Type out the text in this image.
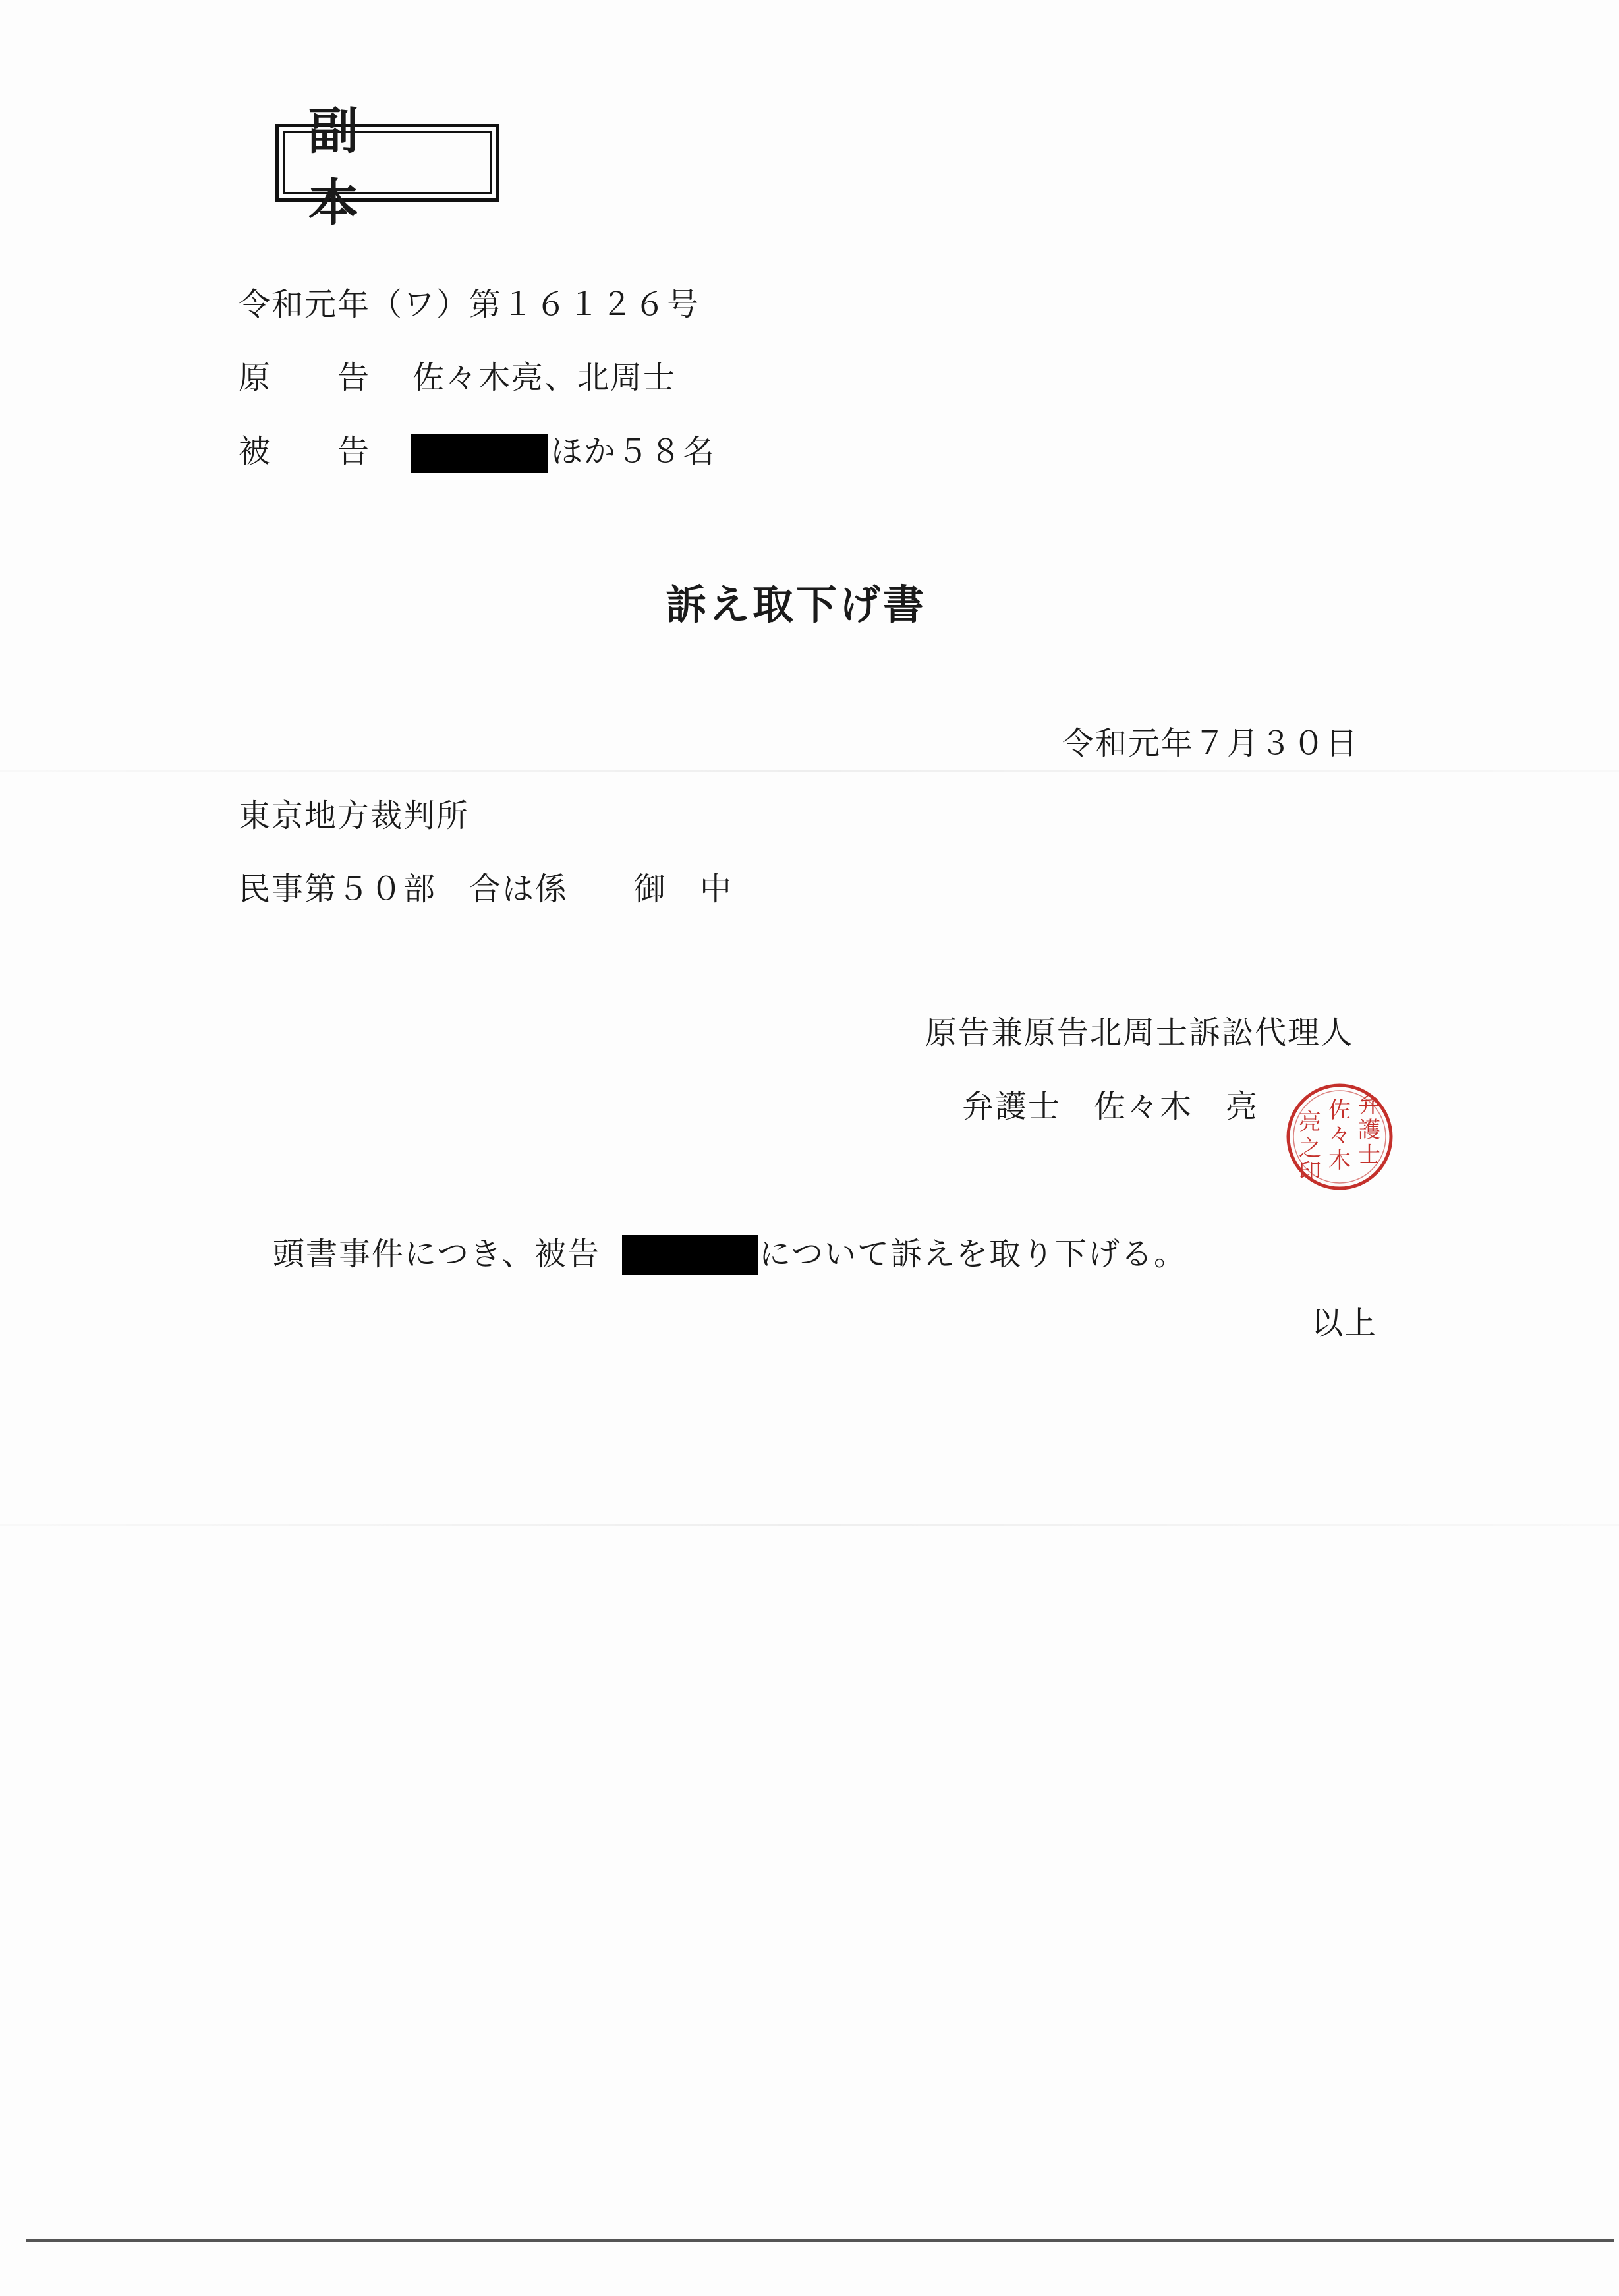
副　本
令和元年（ワ）第１６１２６号
原　　告 佐々木亮、北周士
被　　告	ほか５８名
訴え取下げ書
令和元年７月３０日
東京地方裁判所
民事第５０部　合は係　　御　中
原告兼原告北周士訴訟代理人
弁護士　佐々木　亮	弁
護
士
佐
々
木
亮
之
印
頭書事件につき、被告	について訴えを取り下げる。
以上
